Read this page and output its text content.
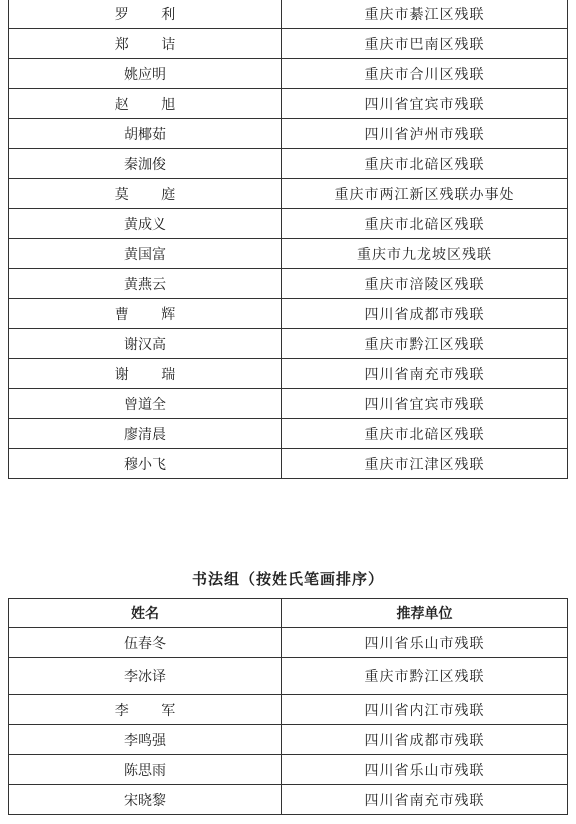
罗 利	重庆市綦江区残联
郑 诘	重庆市巴南区残联
姚应明	重庆市合川区残联
赵 旭	四川省宜宾市残联
胡椰茹	四川省泸州市残联
秦泇俊	重庆市北碚区残联
莫 庭	重庆市两江新区残联办事处
黄成义	重庆市北碚区残联
黄国富	重庆市九龙坡区残联
黄燕云	重庆市涪陵区残联
曹 辉	四川省成都市残联
谢汉高	重庆市黔江区残联
谢 瑞	四川省南充市残联
曾道全	四川省宜宾市残联
廖清晨	重庆市北碚区残联
穆小飞	重庆市江津区残联
书法组（按姓氏笔画排序）
姓名	推荐单位
伍春冬	四川省乐山市残联
李冰译	重庆市黔江区残联
李 军	四川省内江市残联
李鸣强	四川省成都市残联
陈思雨	四川省乐山市残联
宋晓黎	四川省南充市残联
